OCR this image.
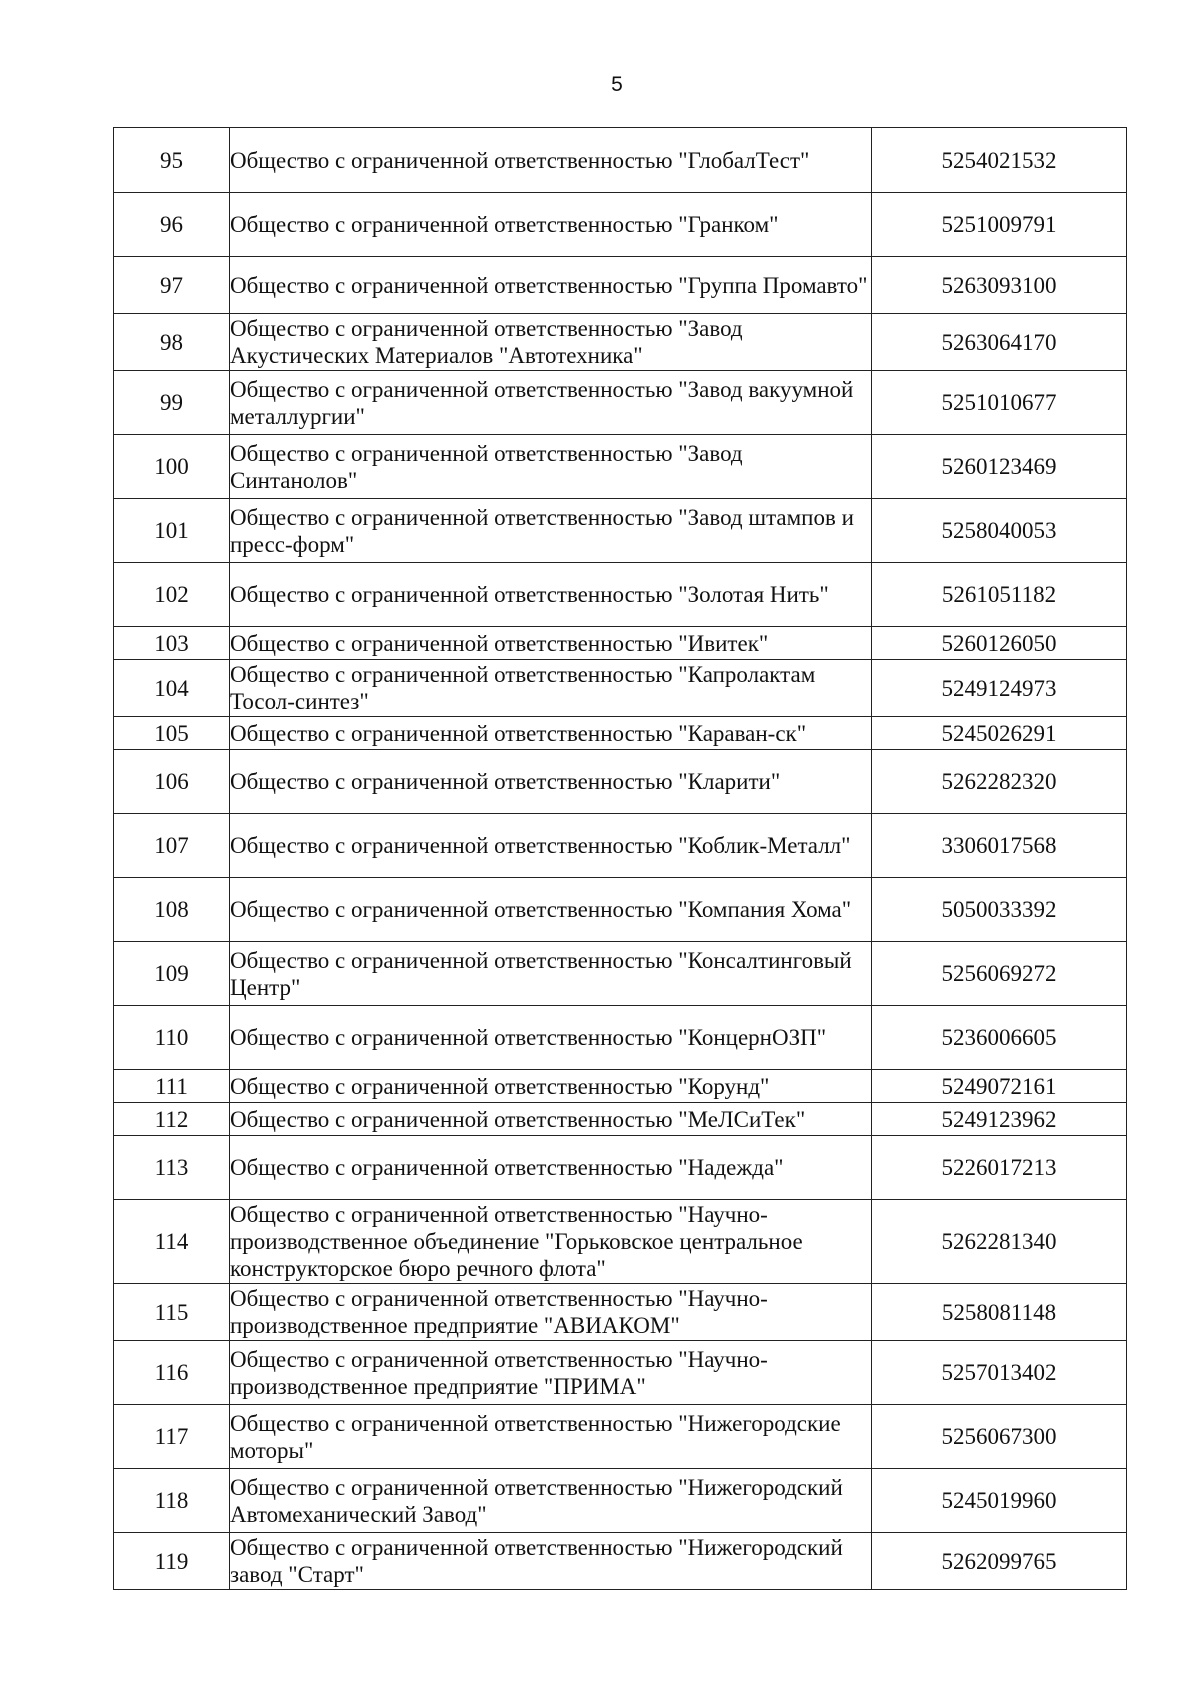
5
95	Общество с ограниченной ответственностью "ГлобалТест"	5254021532
96	Общество с ограниченной ответственностью "Гранком"	5251009791
97	Общество с ограниченной ответственностью "Группа Промавто"	5263093100
98	Общество с ограниченной ответственностью "Завод Акустических Материалов "Автотехника"	5263064170
99	Общество с ограниченной ответственностью "Завод вакуумной металлургии"	5251010677
100	Общество с ограниченной ответственностью "Завод Синтанолов"	5260123469
101	Общество с ограниченной ответственностью "Завод штампов и пресс-форм"	5258040053
102	Общество с ограниченной ответственностью "Золотая Нить"	5261051182
103	Общество с ограниченной ответственностью "Ивитек"	5260126050
104	Общество с ограниченной ответственностью "Капролактам Тосол-синтез"	5249124973
105	Общество с ограниченной ответственностью "Караван-ск"	5245026291
106	Общество с ограниченной ответственностью "Кларити"	5262282320
107	Общество с ограниченной ответственностью "Коблик-Металл"	3306017568
108	Общество с ограниченной ответственностью "Компания Хома"	5050033392
109	Общество с ограниченной ответственностью "Консалтинговый Центр"	5256069272
110	Общество с ограниченной ответственностью "КонцернОЗП"	5236006605
111	Общество с ограниченной ответственностью "Корунд"	5249072161
112	Общество с ограниченной ответственностью "МеЛСиТек"	5249123962
113	Общество с ограниченной ответственностью "Надежда"	5226017213
114	Общество с ограниченной ответственностью "Научно-производственное объединение "Горьковское центральное конструкторское бюро речного флота"	5262281340
115	Общество с ограниченной ответственностью "Научно-производственное предприятие "АВИАКОМ"	5258081148
116	Общество с ограниченной ответственностью "Научно-производственное предприятие "ПРИМА"	5257013402
117	Общество с ограниченной ответственностью "Нижегородские моторы"	5256067300
118	Общество с ограниченной ответственностью "Нижегородский Автомеханический Завод"	5245019960
119	Общество с ограниченной ответственностью "Нижегородский завод "Старт"	5262099765
